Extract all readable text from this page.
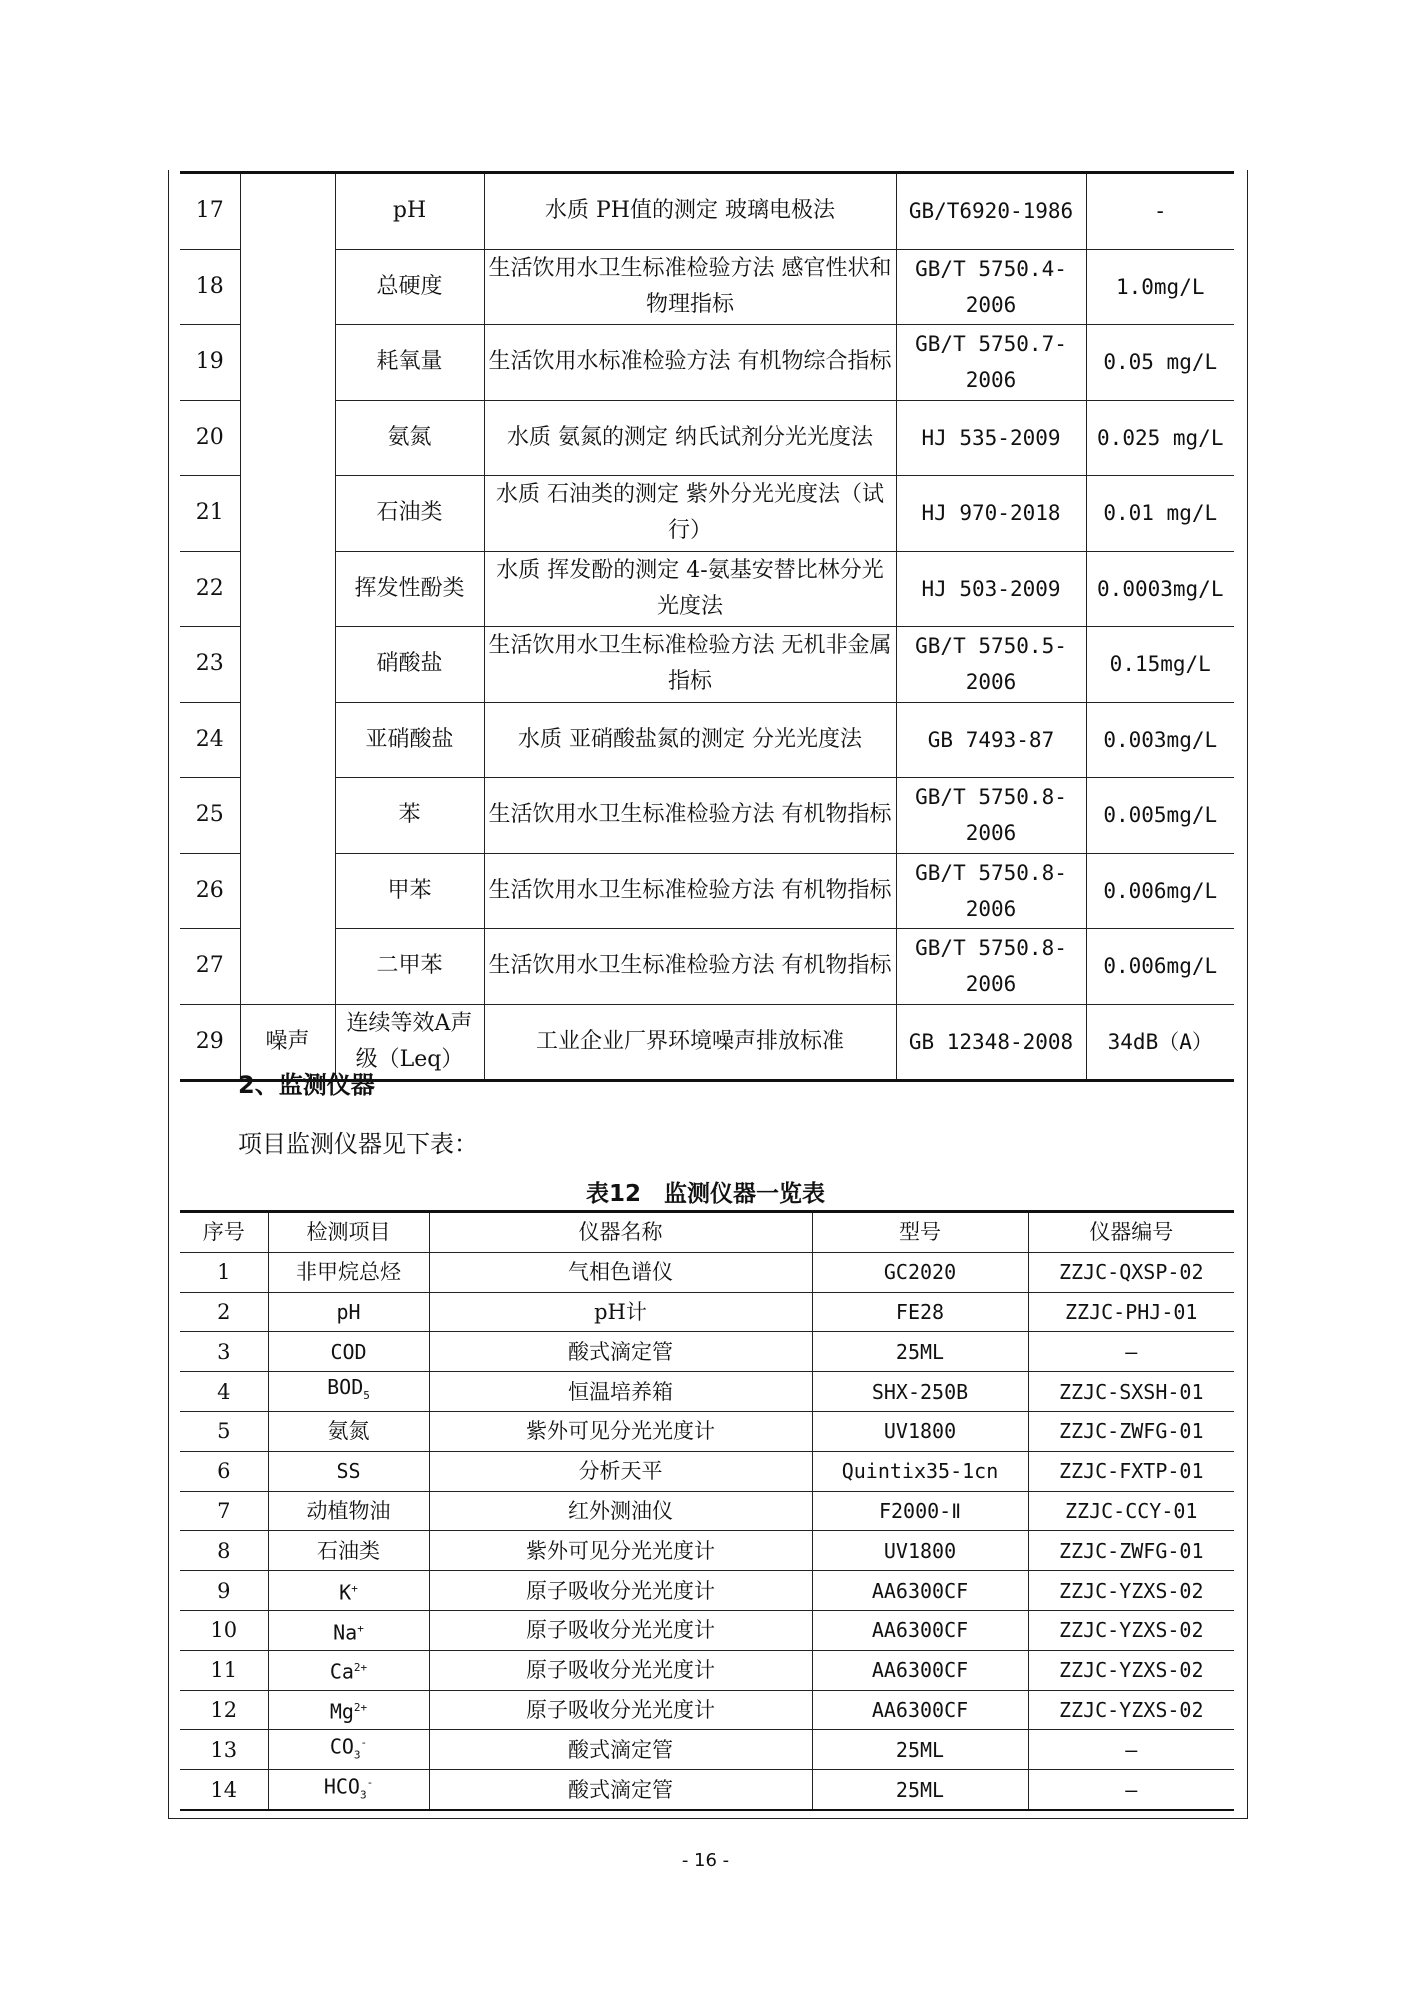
17		pH	水质 PH值的测定 玻璃电极法	GB/T6920-1986	-
18		总硬度	生活饮用水卫生标准检验方法 感官性状和物理指标	GB/T 5750.4-2006	1.0mg/L
19		耗氧量	生活饮用水标准检验方法 有机物综合指标	GB/T 5750.7-2006	0.05 mg/L
20		氨氮	水质 氨氮的测定 纳氏试剂分光光度法	HJ 535-2009	0.025 mg/L
21		石油类	水质 石油类的测定 紫外分光光度法（试行）	HJ 970-2018	0.01 mg/L
22		挥发性酚类	水质 挥发酚的测定 4-氨基安替比林分光光度法	HJ 503-2009	0.0003mg/L
23		硝酸盐	生活饮用水卫生标准检验方法 无机非金属指标	GB/T 5750.5-2006	0.15mg/L
24		亚硝酸盐	水质 亚硝酸盐氮的测定 分光光度法	GB 7493-87	0.003mg/L
25		苯	生活饮用水卫生标准检验方法 有机物指标	GB/T 5750.8-2006	0.005mg/L
26		甲苯	生活饮用水卫生标准检验方法 有机物指标	GB/T 5750.8-2006	0.006mg/L
27		二甲苯	生活饮用水卫生标准检验方法 有机物指标	GB/T 5750.8-2006	0.006mg/L
29	噪声	连续等效A声级（Leq）	工业企业厂界环境噪声排放标准	GB 12348-2008	34dB（A）
2、监测仪器
项目监测仪器见下表：
表12　监测仪器一览表
序号	检测项目	仪器名称	型号	仪器编号
1	非甲烷总烃	气相色谱仪	GC2020	ZZJC-QXSP-02
2	pH	pH计	FE28	ZZJC-PHJ-01
3	COD	酸式滴定管	25ML	—
4	$BOD_5$	恒温培养箱	SHX-250B	ZZJC-SXSH-01
5	氨氮	紫外可见分光光度计	UV1800	ZZJC-ZWFG-01
6	SS	分析天平	Quintix35-1cn	ZZJC-FXTP-01
7	动植物油	红外测油仪	F2000-Ⅱ	ZZJC-CCY-01
8	石油类	紫外可见分光光度计	UV1800	ZZJC-ZWFG-01
9	K+	原子吸收分光光度计	AA6300CF	ZZJC-YZXS-02
10	Na+	原子吸收分光光度计	AA6300CF	ZZJC-YZXS-02
11	$Ca^{2+}$	原子吸收分光光度计	AA6300CF	ZZJC-YZXS-02
12	$Mg^{2+}$	原子吸收分光光度计	AA6300CF	ZZJC-YZXS-02
13	$CO_3^-$	酸式滴定管	25ML	—
14	$HCO_3^-$	酸式滴定管	25ML	—
- 16 -
